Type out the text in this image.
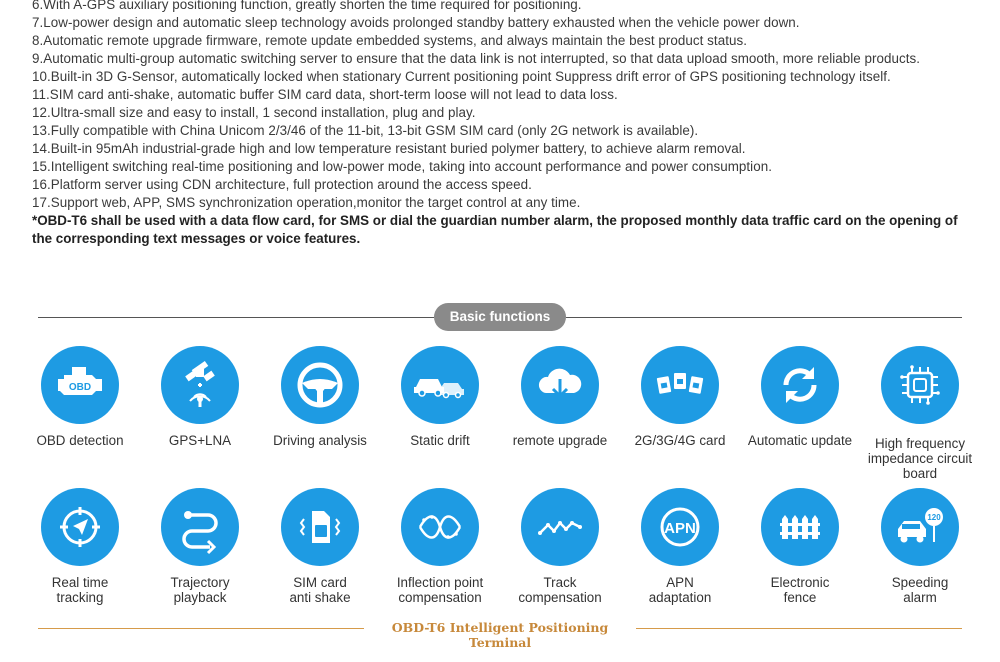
6.With A-GPS auxiliary positioning function, greatly shorten the time required for positioning.

7.Low-power design and automatic sleep technology avoids prolonged standby battery exhausted when the vehicle power down.

8.Automatic remote upgrade firmware, remote update embedded systems, and always maintain the best product status.

9.Automatic multi-group automatic switching server to ensure that the data link is not interrupted, so that data upload smooth, more reliable products.

10.Built-in 3D G-Sensor, automatically locked when stationary Current positioning point Suppress drift error of GPS positioning technology itself.

11.SIM card anti-shake, automatic buffer SIM card data, short-term loose will not lead to data loss.

12.Ultra-small size and easy to install, 1 second installation, plug and play.

13.Fully compatible with China Unicom 2/3/46 of the 11-bit, 13-bit GSM SIM card (only 2G network is available).

14.Built-in 95mAh industrial-grade high and low temperature resistant buried polymer battery, to achieve alarm removal.

15.Intelligent switching real-time positioning and low-power mode, taking into account performance and power consumption.

16.Platform server using CDN architecture, full protection around the access speed.

17.Support web, APP, SMS synchronization operation,monitor the target control at any time.

*OBD-T6 shall be used with a data flow card, for SMS or dial the guardian number alarm, the proposed monthly data traffic card on the opening of the corresponding text messages or voice features.

Basic functions
OBD
OBD detection	GPS+LNA	Driving analysis	Static drift	remote upgrade	2G/3G/4G card	Automatic update	High frequency impedance circuit board
Real time tracking
Trajectory playback
SIM card anti shake
Inflection point compensation
Track compensation
APN
APN adaptation
Electronic fence
120
Speeding alarm
OBD-T6 Intelligent Positioning Terminal
